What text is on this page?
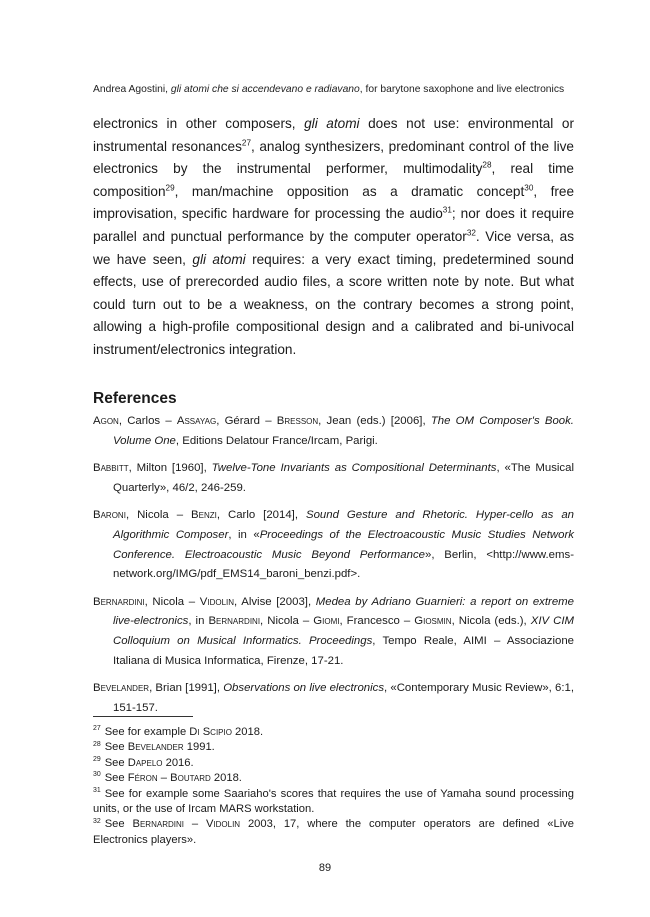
Andrea Agostini, gli atomi che si accendevano e radiavano, for barytone saxophone and live electronics

electronics in other composers, gli atomi does not use: environmental or instrumental resonances$^{27}$, analog synthesizers, predominant control of the live electronics by the instrumental performer, multimodality$^{28}$, real time composition$^{29}$, man/machine opposition as a dramatic concept$^{30}$, free improvisation, specific hardware for processing the audio$^{31}$; nor does it require parallel and punctual performance by the computer operator$^{32}$. Vice versa, as we have seen, gli atomi requires: a very exact timing, predetermined sound effects, use of prerecorded audio files, a score written note by note. But what could turn out to be a weakness, on the contrary becomes a strong point, allowing a high-profile compositional design and a calibrated and bi-univocal instrument/electronics integration.

References

Agon, Carlos – Assayag, Gérard – Bresson, Jean (eds.) [2006], The OM Composer's Book. Volume One, Editions Delatour France/Ircam, Parigi.

Babbitt, Milton [1960], Twelve-Tone Invariants as Compositional Determinants, «The Musical Quarterly», 46/2, 246-259.

Baroni, Nicola – Benzi, Carlo [2014], Sound Gesture and Rhetoric. Hyper-cello as an Algorithmic Composer, in «Proceedings of the Electroacoustic Music Studies Network Conference. Electroacoustic Music Beyond Performance», Berlin, <http://www.ems-network.org/IMG/pdf_EMS14_baroni_benzi.pdf>.

Bernardini, Nicola – Vidolin, Alvise [2003], Medea by Adriano Guarnieri: a report on extreme live-electronics, in Bernardini, Nicola – Giomi, Francesco – Giosmin, Nicola (eds.), XIV CIM Colloquium on Musical Informatics. Proceedings, Tempo Reale, AIMI – Associazione Italiana di Musica Informatica, Firenze, 17-21.

Bevelander, Brian [1991], Observations on live electronics, «Contemporary Music Review», 6:1, 151-157.

$^{27}$ See for example Di Scipio 2018.

$^{28}$ See Bevelander 1991.

$^{29}$ See Dapelo 2016.

$^{30}$ See Féron – Boutard 2018.

$^{31}$ See for example some Saariaho's scores that requires the use of Yamaha sound processing units, or the use of Ircam MARS workstation.

$^{32}$ See Bernardini – Vidolin 2003, 17, where the computer operators are defined «Live Electronics players».

89
